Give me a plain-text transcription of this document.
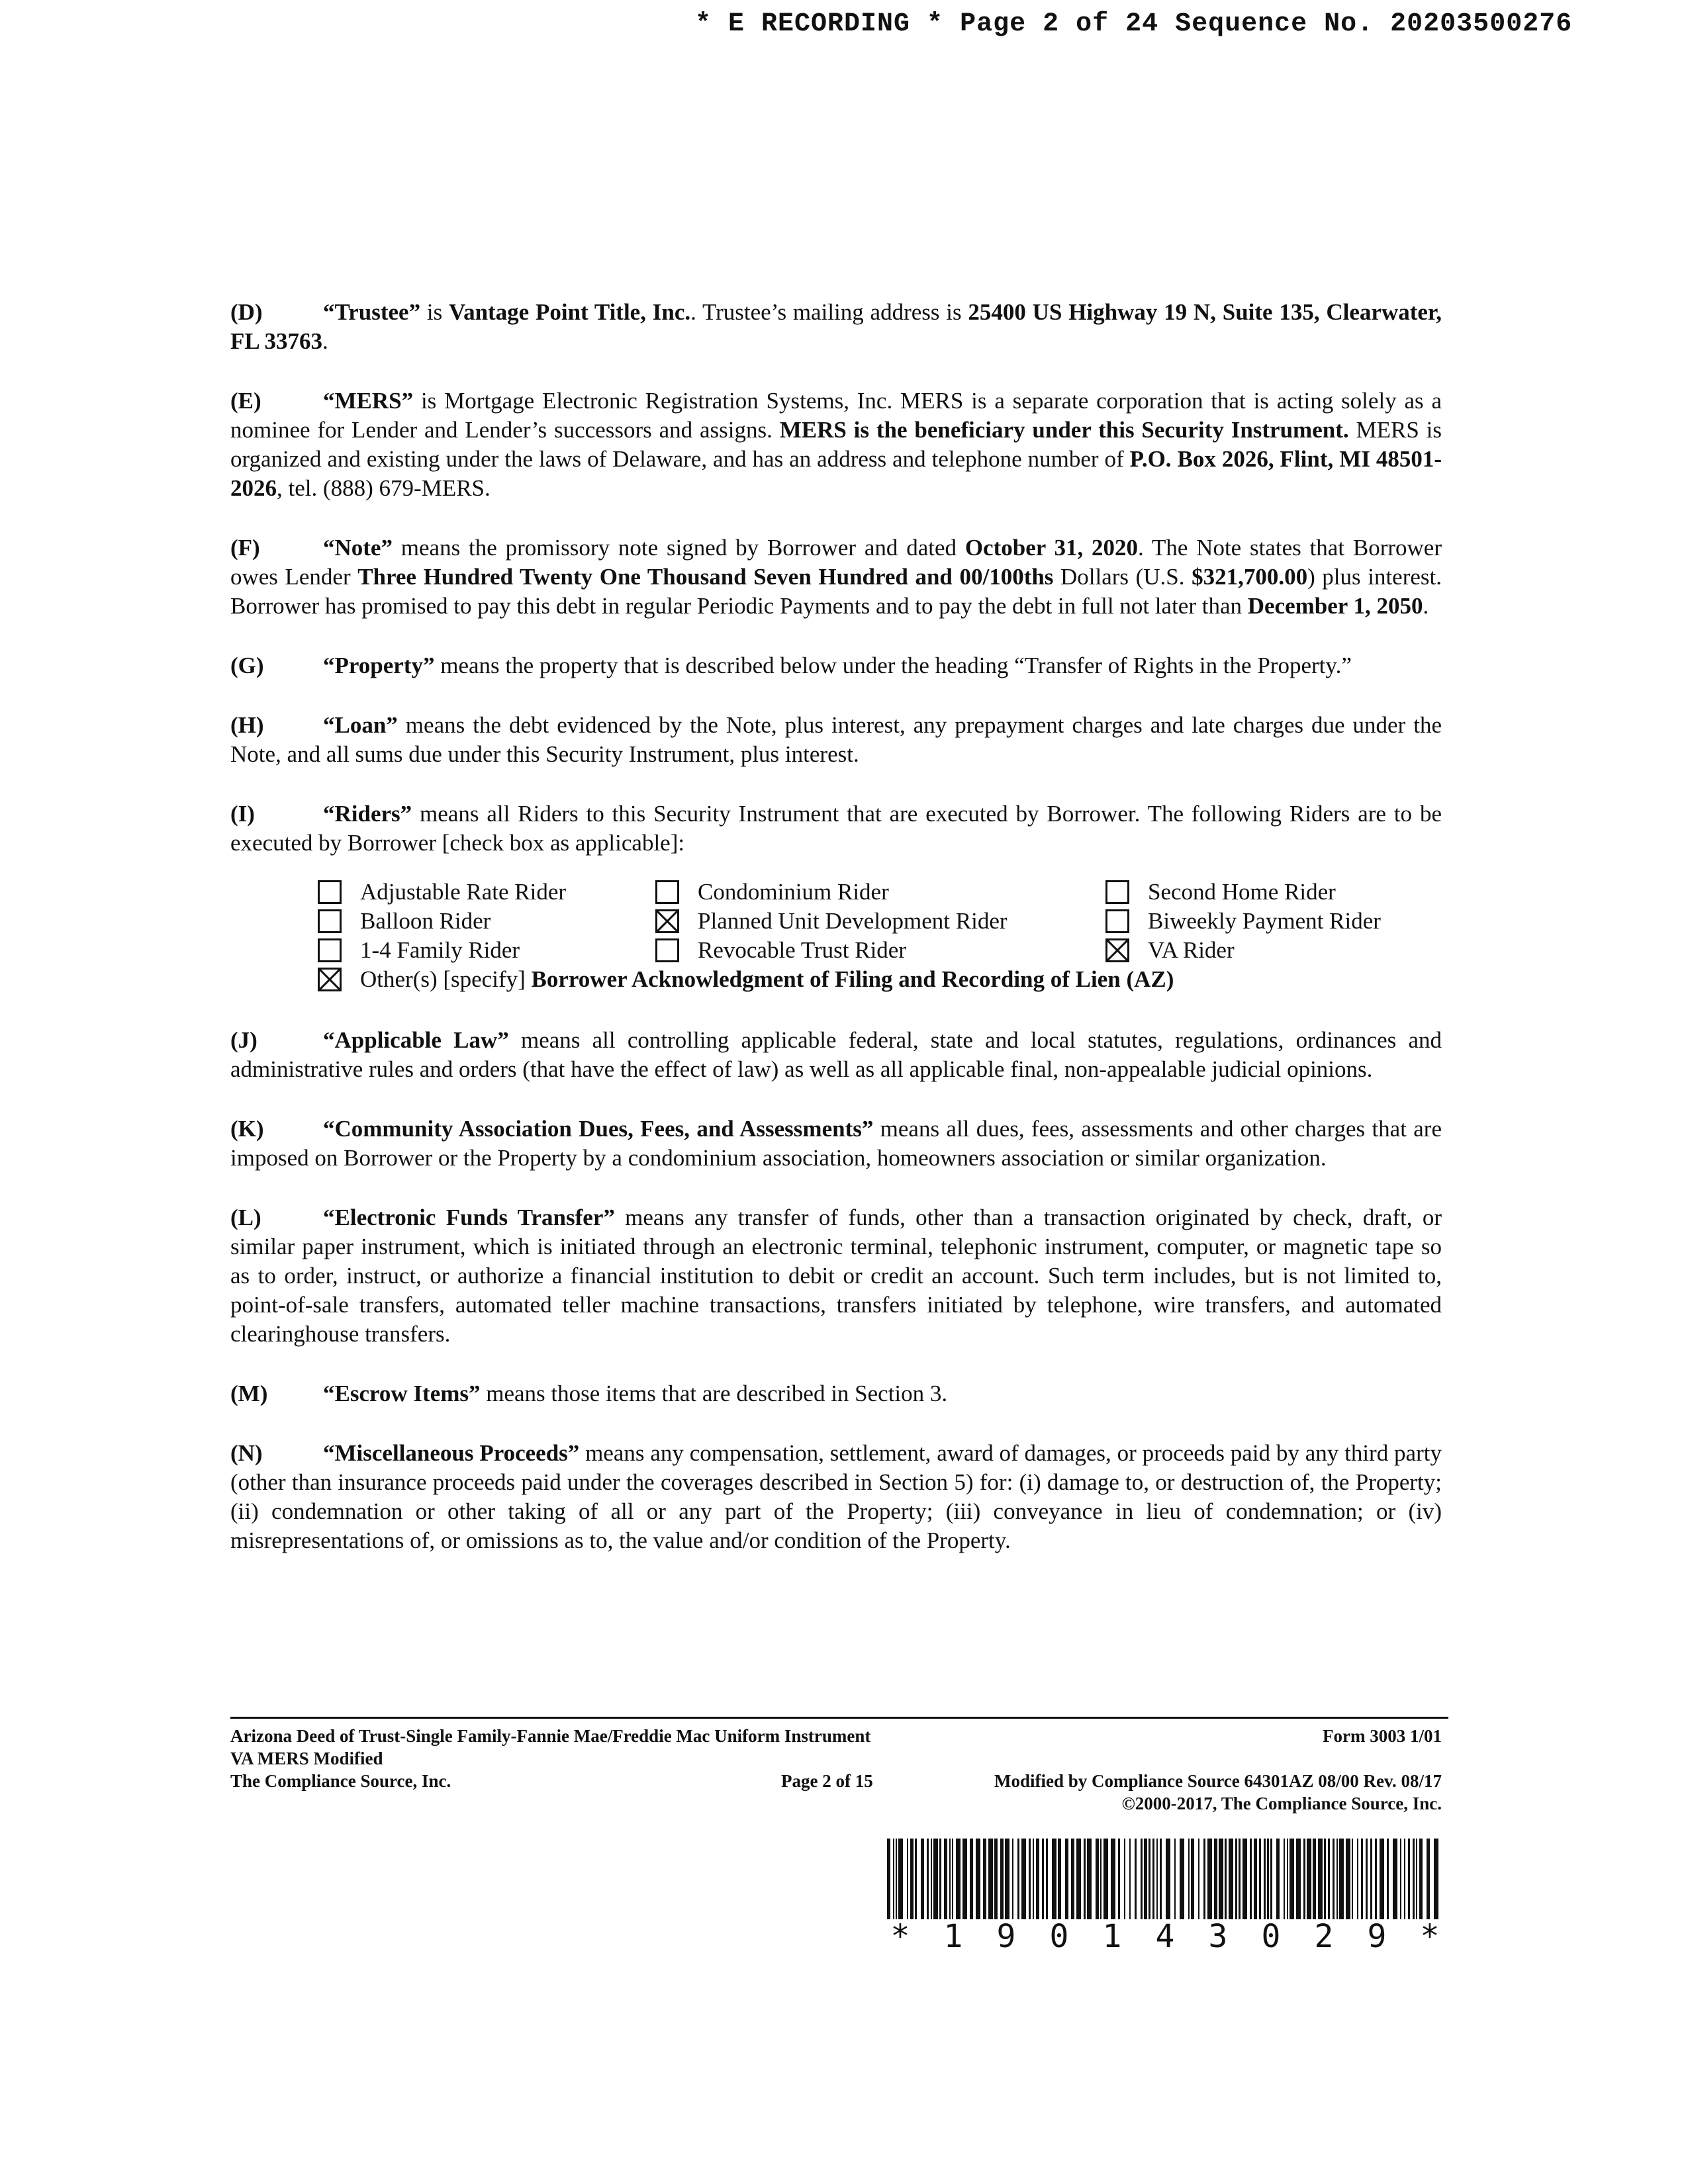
* E RECORDING * Page 2 of 24 Sequence No. 20203500276

(D)	“Trustee” is Vantage Point Title, Inc.. Trustee’s mailing address is 25400 US Highway 19 N, Suite 135, Clearwater, FL 33763.

(E)	“MERS” is Mortgage Electronic Registration Systems, Inc. MERS is a separate corporation that is acting solely as a nominee for Lender and Lender’s successors and assigns. MERS is the beneficiary under this Security Instrument. MERS is organized and existing under the laws of Delaware, and has an address and telephone number of P.O. Box 2026, Flint, MI 48501-2026, tel. (888) 679-MERS.

(F)	“Note” means the promissory note signed by Borrower and dated October 31, 2020. The Note states that Borrower owes Lender Three Hundred Twenty One Thousand Seven Hundred and 00/100ths Dollars (U.S. $321,700.00) plus interest. Borrower has promised to pay this debt in regular Periodic Payments and to pay the debt in full not later than December 1, 2050.

(G)	“Property” means the property that is described below under the heading “Transfer of Rights in the Property.”

(H)	“Loan” means the debt evidenced by the Note, plus interest, any prepayment charges and late charges due under the Note, and all sums due under this Security Instrument, plus interest.

(I)	“Riders” means all Riders to this Security Instrument that are executed by Borrower. The following Riders are to be executed by Borrower [check box as applicable]:

Adjustable Rate Rider	Condominium Rider	Second Home Rider
Balloon Rider	Planned Unit Development Rider	Biweekly Payment Rider
1-4 Family Rider	Revocable Trust Rider	VA Rider
Other(s) [specify] Borrower Acknowledgment of Filing and Recording of Lien (AZ)

(J)	“Applicable Law” means all controlling applicable federal, state and local statutes, regulations, ordinances and administrative rules and orders (that have the effect of law) as well as all applicable final, non-appealable judicial opinions.

(K)	“Community Association Dues, Fees, and Assessments” means all dues, fees, assessments and other charges that are imposed on Borrower or the Property by a condominium association, homeowners association or similar organization.

(L)	“Electronic Funds Transfer” means any transfer of funds, other than a transaction originated by check, draft, or similar paper instrument, which is initiated through an electronic terminal, telephonic instrument, computer, or magnetic tape so as to order, instruct, or authorize a financial institution to debit or credit an account. Such term includes, but is not limited to, point-of-sale transfers, automated teller machine transactions, transfers initiated by telephone, wire transfers, and automated clearinghouse transfers.

(M) “Escrow Items” means those items that are described in Section 3.

(N)	“Miscellaneous Proceeds” means any compensation, settlement, award of damages, or proceeds paid by any third party (other than insurance proceeds paid under the coverages described in Section 5) for: (i) damage to, or destruction of, the Property; (ii) condemnation or other taking of all or any part of the Property; (iii) conveyance in lieu of condemnation; or (iv) misrepresentations of, or omissions as to, the value and/or condition of the Property.

Arizona Deed of Trust-Single Family-Fannie Mae/Freddie Mac Uniform Instrument
VA MERS Modified
The Compliance Source, Inc.
Form 3003 1/01
Page 2 of 15	Modified by Compliance Source 64301AZ 08/00 Rev. 08/17
©2000-2017, The Compliance Source, Inc.
* 1 9 0 1 4 3 0 2 9 *
